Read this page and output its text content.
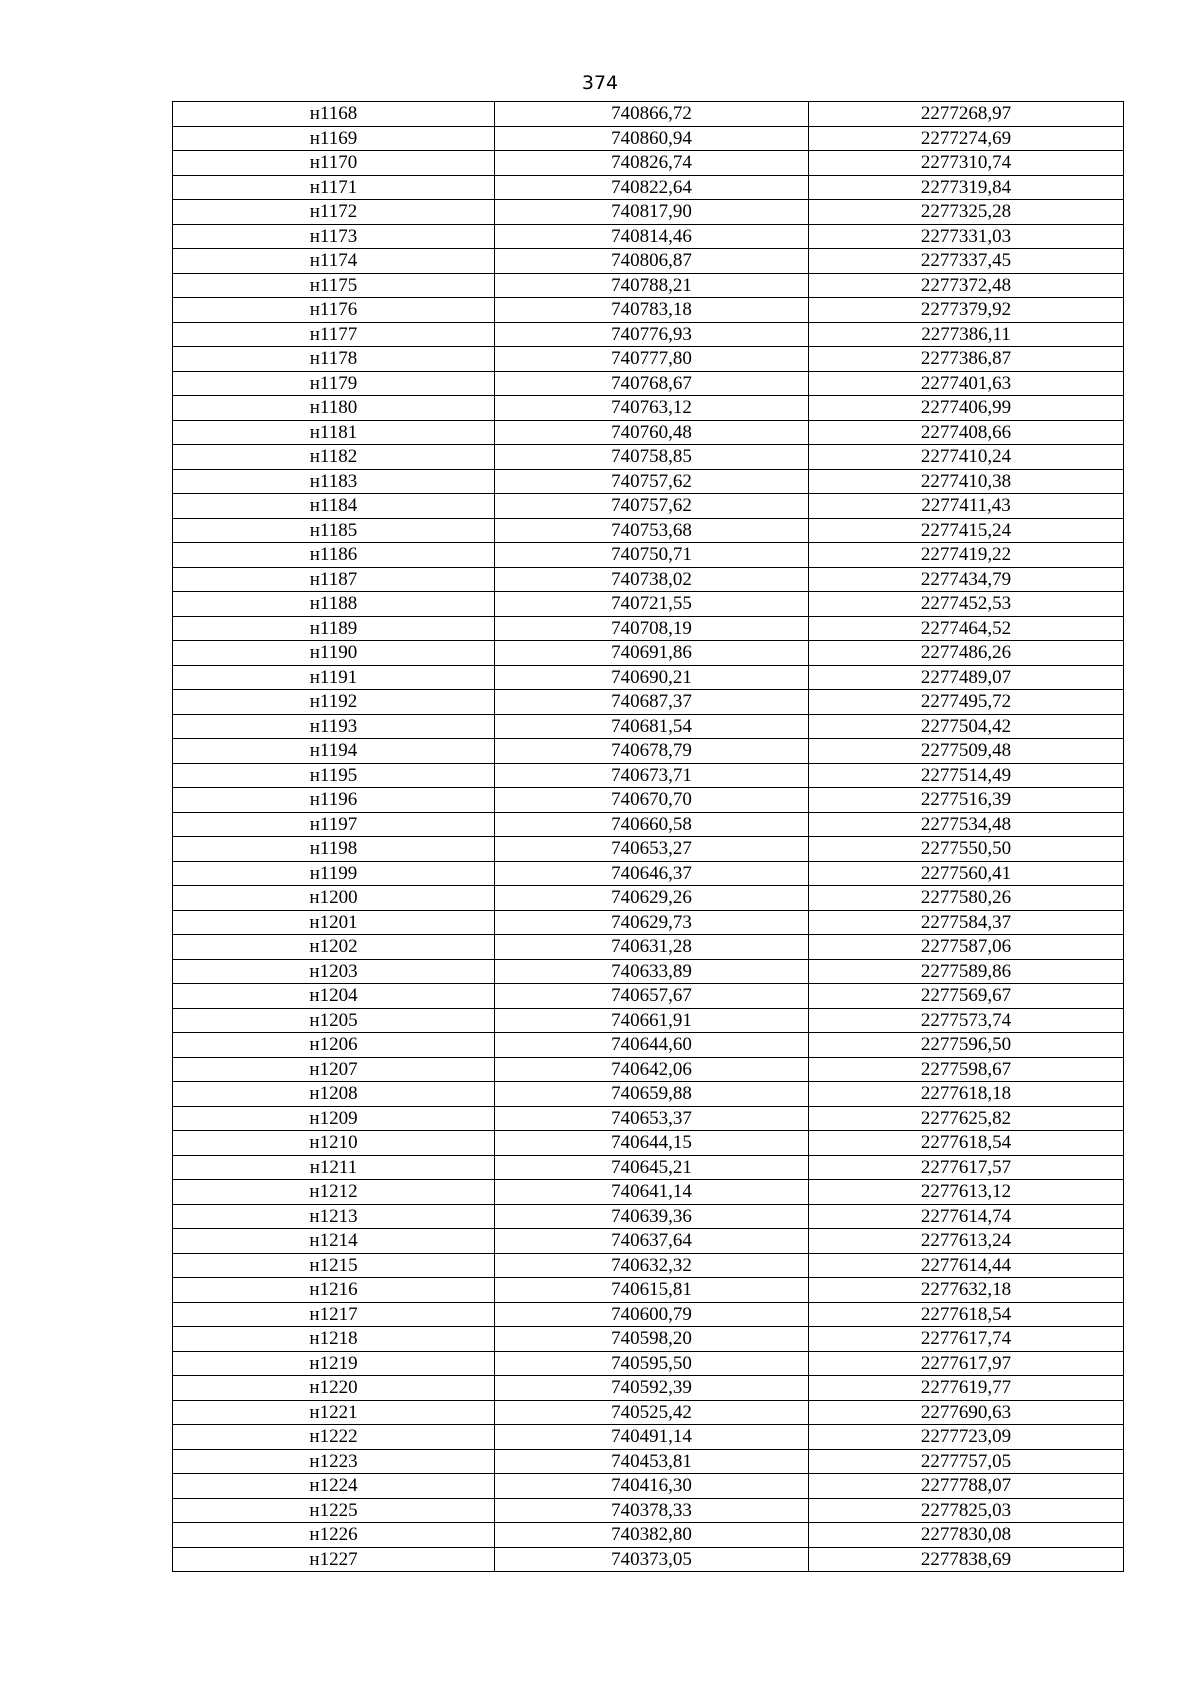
374
н1168	740866,72	2277268,97
н1169	740860,94	2277274,69
н1170	740826,74	2277310,74
н1171	740822,64	2277319,84
н1172	740817,90	2277325,28
н1173	740814,46	2277331,03
н1174	740806,87	2277337,45
н1175	740788,21	2277372,48
н1176	740783,18	2277379,92
н1177	740776,93	2277386,11
н1178	740777,80	2277386,87
н1179	740768,67	2277401,63
н1180	740763,12	2277406,99
н1181	740760,48	2277408,66
н1182	740758,85	2277410,24
н1183	740757,62	2277410,38
н1184	740757,62	2277411,43
н1185	740753,68	2277415,24
н1186	740750,71	2277419,22
н1187	740738,02	2277434,79
н1188	740721,55	2277452,53
н1189	740708,19	2277464,52
н1190	740691,86	2277486,26
н1191	740690,21	2277489,07
н1192	740687,37	2277495,72
н1193	740681,54	2277504,42
н1194	740678,79	2277509,48
н1195	740673,71	2277514,49
н1196	740670,70	2277516,39
н1197	740660,58	2277534,48
н1198	740653,27	2277550,50
н1199	740646,37	2277560,41
н1200	740629,26	2277580,26
н1201	740629,73	2277584,37
н1202	740631,28	2277587,06
н1203	740633,89	2277589,86
н1204	740657,67	2277569,67
н1205	740661,91	2277573,74
н1206	740644,60	2277596,50
н1207	740642,06	2277598,67
н1208	740659,88	2277618,18
н1209	740653,37	2277625,82
н1210	740644,15	2277618,54
н1211	740645,21	2277617,57
н1212	740641,14	2277613,12
н1213	740639,36	2277614,74
н1214	740637,64	2277613,24
н1215	740632,32	2277614,44
н1216	740615,81	2277632,18
н1217	740600,79	2277618,54
н1218	740598,20	2277617,74
н1219	740595,50	2277617,97
н1220	740592,39	2277619,77
н1221	740525,42	2277690,63
н1222	740491,14	2277723,09
н1223	740453,81	2277757,05
н1224	740416,30	2277788,07
н1225	740378,33	2277825,03
н1226	740382,80	2277830,08
н1227	740373,05	2277838,69
